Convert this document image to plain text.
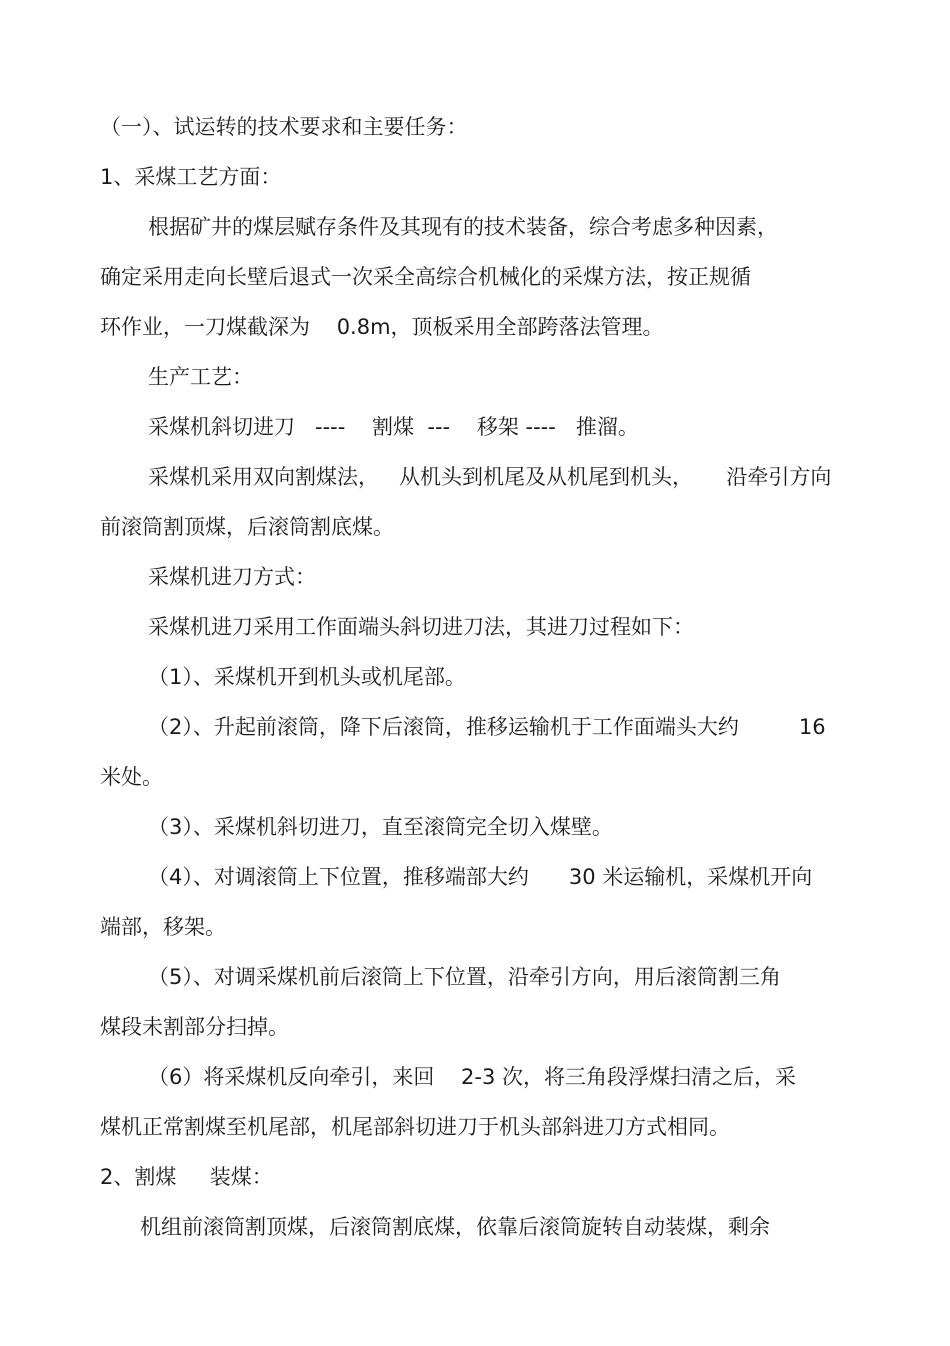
（一）、试运转的技术要求和主要任务：
1、采煤工艺方面：
根据矿井的煤层赋存条件及其现有的技术装备，综合考虑多种因素，
确定采用走向长壁后退式一次采全高综合机械化的采煤方法，按正规循
环作业，一刀煤截深为    0.8m，顶板采用全部跨落法管理。
生产工艺：
采煤机斜切进刀   ----    割煤  ---    移架 ----   推溜。
采煤机采用双向割煤法，   从机头到机尾及从机尾到机头，     沿牵引方向
前滚筒割顶煤，后滚筒割底煤。
采煤机进刀方式：
采煤机进刀采用工作面端头斜切进刀法，其进刀过程如下：
（1）、采煤机开到机头或机尾部。
（2）、升起前滚筒，降下后滚筒，推移运输机于工作面端头大约         16
米处。
（3）、采煤机斜切进刀，直至滚筒完全切入煤壁。
（4）、对调滚筒上下位置，推移端部大约      30 米运输机，采煤机开向
端部，移架。
（5）、对调采煤机前后滚筒上下位置，沿牵引方向，用后滚筒割三角
煤段未割部分扫掉。
（6）将采煤机反向牵引，来回    2-3 次，将三角段浮煤扫清之后，采
煤机正常割煤至机尾部，机尾部斜切进刀于机头部斜进刀方式相同。
2、割煤     装煤：
机组前滚筒割顶煤，后滚筒割底煤，依靠后滚筒旋转自动装煤，剩余
